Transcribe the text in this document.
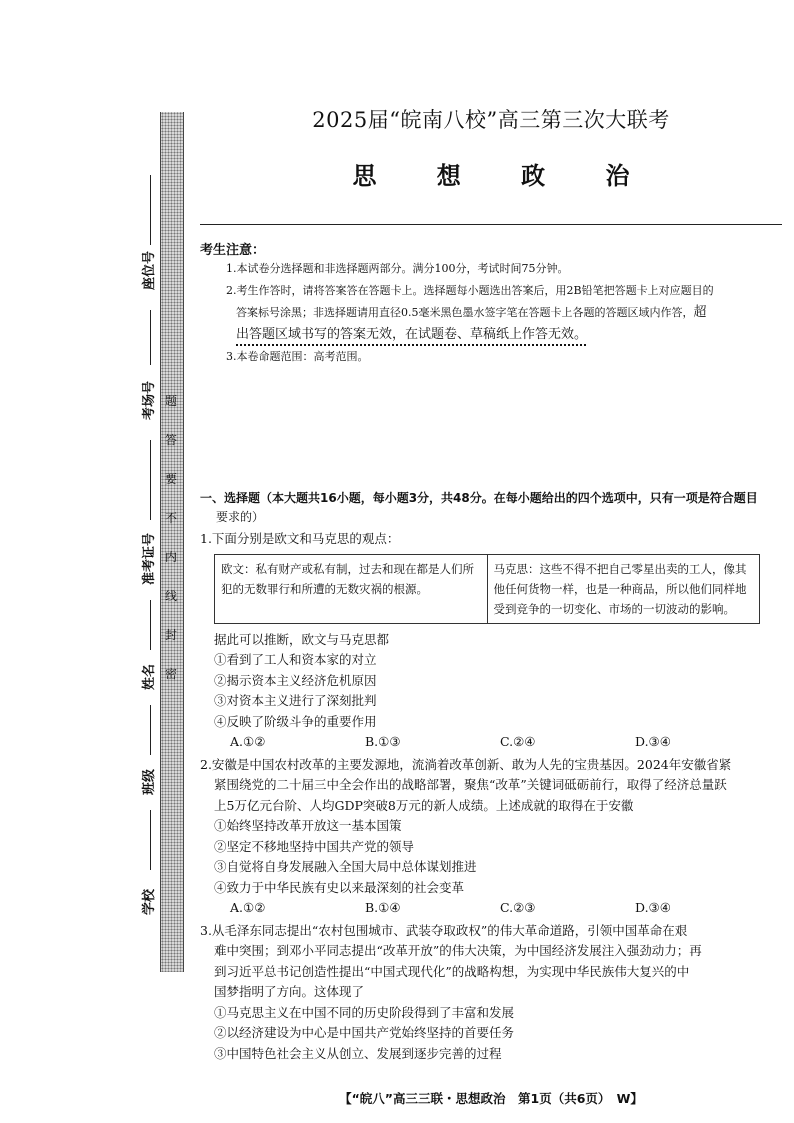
座位号
考场号
准考证号
姓名
班级
学校
题
答
要
不
内
线
封
密
2025届“皖南八校”高三第三次大联考
思 想 政 治
考生注意：
1.本试卷分选择题和非选择题两部分。满分100分，考试时间75分钟。
2.考生作答时，请将答案答在答题卡上。选择题每小题选出答案后，用2B铅笔把答题卡上对应题目的
答案标号涂黑；非选择题请用直径0.5毫米黑色墨水签字笔在答题卡上各题的答题区域内作答，超
出答题区域书写的答案无效，在试题卷、草稿纸上作答无效。
3.本卷命题范围：高考范围。
一、选择题（本大题共16小题，每小题3分，共48分。在每小题给出的四个选项中，只有一项是符合题目
要求的）
1.下面分别是欧文和马克思的观点：
欧文：私有财产或私有制，过去和现在都是人们所犯的无数罪行和所遭的无数灾祸的根源。	马克思：这些不得不把自己零星出卖的工人，像其他任何货物一样，也是一种商品，所以他们同样地受到竞争的一切变化、市场的一切波动的影响。
据此可以推断，欧文与马克思都
①看到了工人和资本家的对立
②揭示资本主义经济危机原因
③对资本主义进行了深刻批判
④反映了阶级斗争的重要作用
A.①②	B.①③	C.②④	D.③④
2.安徽是中国农村改革的主要发源地，流淌着改革创新、敢为人先的宝贵基因。2024年安徽省紧
紧围绕党的二十届三中全会作出的战略部署，聚焦“改革”关键词砥砺前行，取得了经济总量跃
上5万亿元台阶、人均GDP突破8万元的新人成绩。上述成就的取得在于安徽
①始终坚持改革开放这一基本国策
②坚定不移地坚持中国共产党的领导
③自觉将自身发展融入全国大局中总体谋划推进
④致力于中华民族有史以来最深刻的社会变革
A.①②	B.①④	C.②③	D.③④
3.从毛泽东同志提出“农村包围城市、武装夺取政权”的伟大革命道路，引领中国革命在艰
难中突围；到邓小平同志提出“改革开放”的伟大决策，为中国经济发展注入强劲动力；再
到习近平总书记创造性提出“中国式现代化”的战略构想，为实现中华民族伟大复兴的中
国梦指明了方向。这体现了
①马克思主义在中国不同的历史阶段得到了丰富和发展
②以经济建设为中心是中国共产党始终坚持的首要任务
③中国特色社会主义从创立、发展到逐步完善的过程
【“皖八”高三三联・思想政治　第1页（共6页）　W】
